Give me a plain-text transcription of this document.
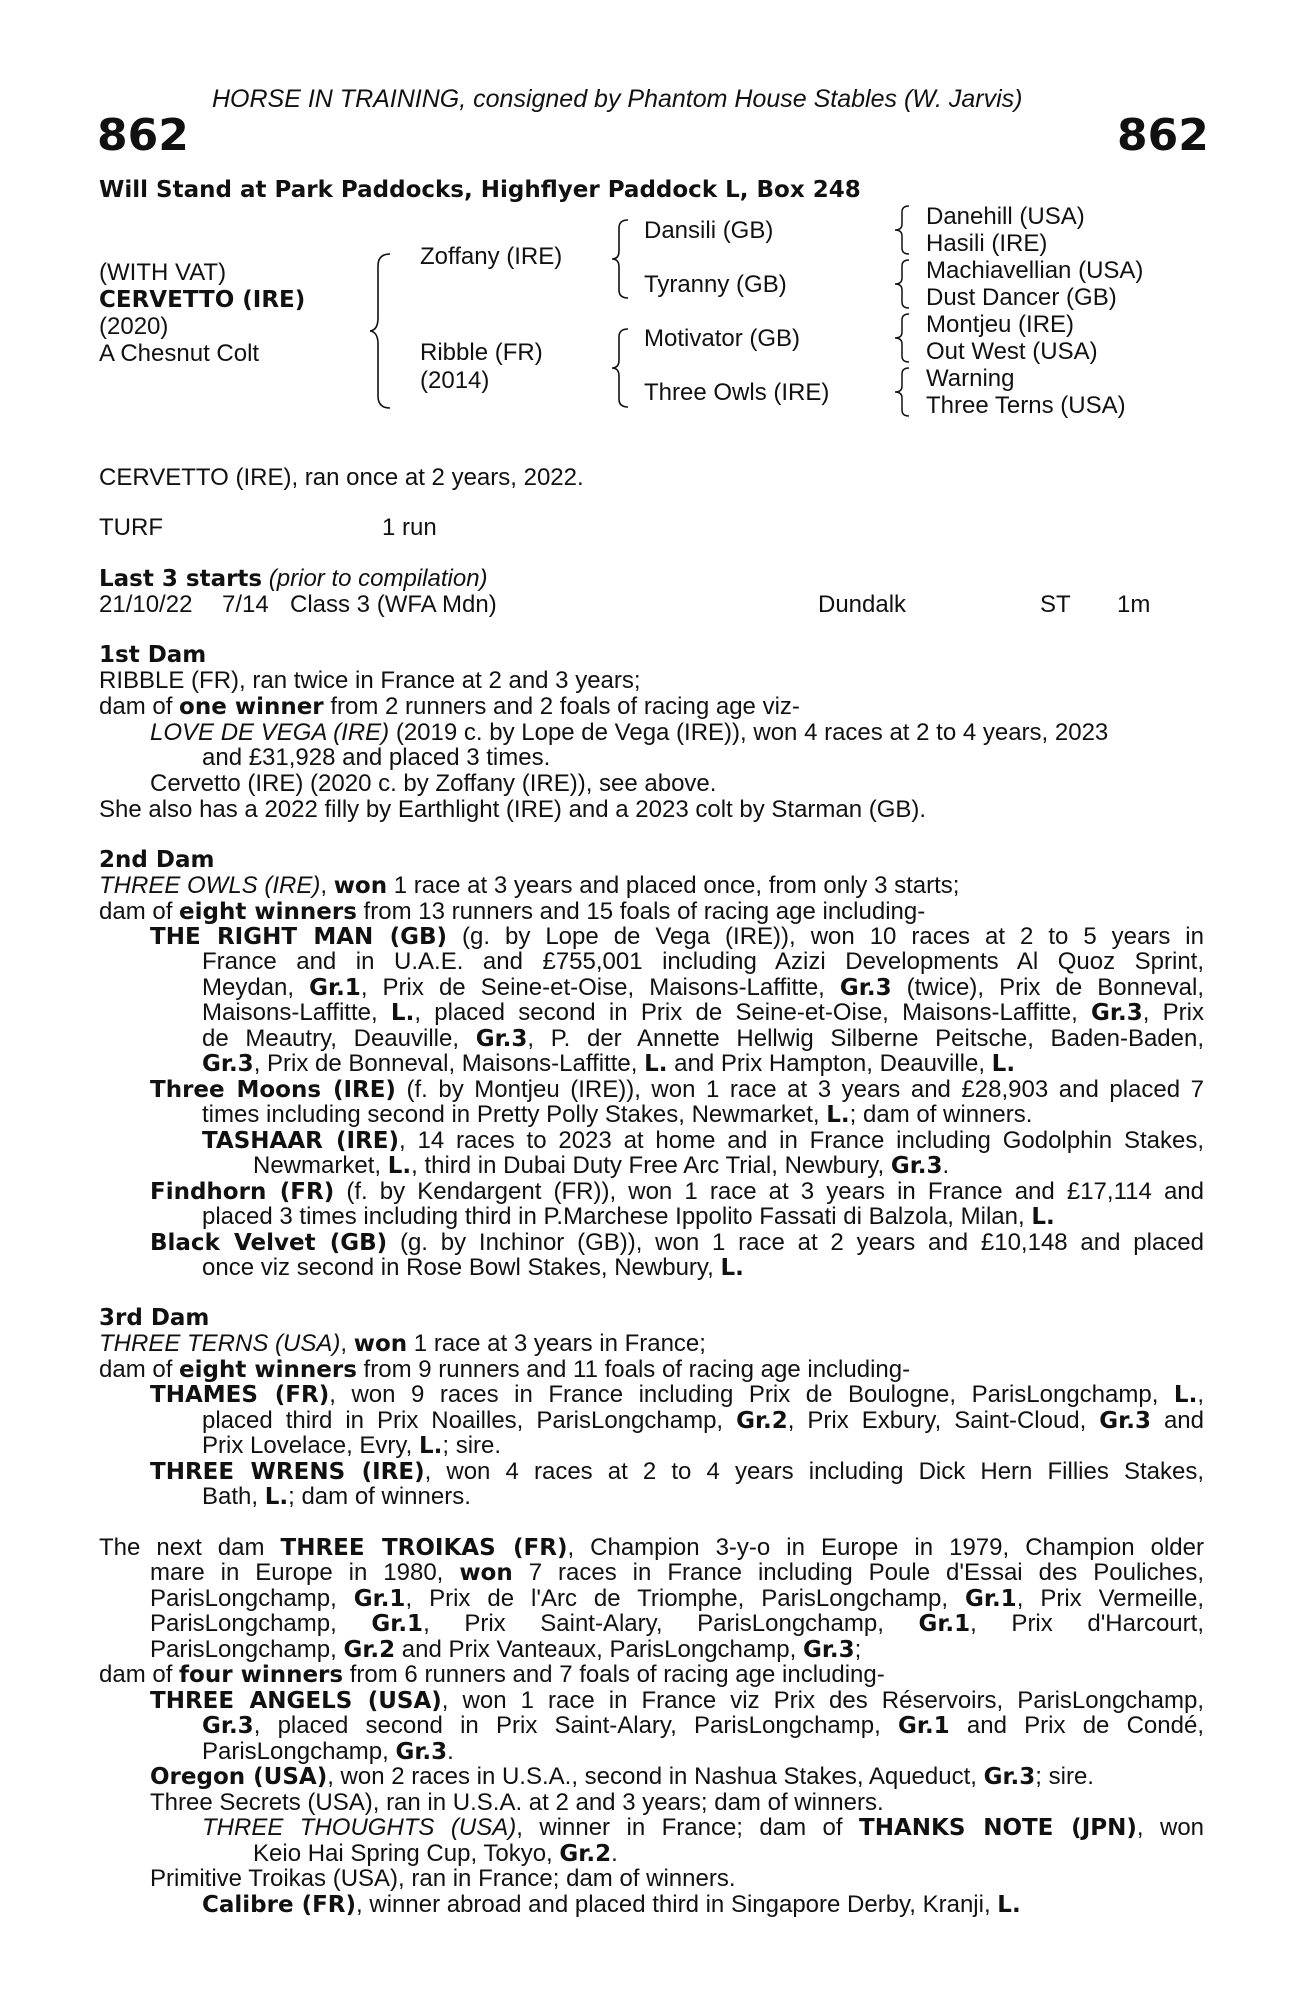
HORSE IN TRAINING, consigned by Phantom House Stables (W. Jarvis)
862	862
Will Stand at Park Paddocks, Highflyer Paddock L, Box 248
(WITH VAT)
CERVETTO (IRE)
(2020)
A Chesnut Colt
Zoffany (IRE)
Ribble (FR)
(2014)
Dansili (GB)
Tyranny (GB)
Motivator (GB)
Three Owls (IRE)
Danehill (USA)
Hasili (IRE)
Machiavellian (USA)
Dust Dancer (GB)
Montjeu (IRE)
Out West (USA)
Warning
Three Terns (USA)
CERVETTO (IRE), ran once at 2 years, 2022.
TURF	1 run
Last 3 starts (prior to compilation)
21/10/22 7/14 Class 3 (WFA Mdn)	Dundalk	ST 1m
1st Dam
RIBBLE (FR), ran twice in France at 2 and 3 years;
dam of one winner from 2 runners and 2 foals of racing age viz-
LOVE DE VEGA (IRE) (2019 c. by Lope de Vega (IRE)), won 4 races at 2 to 4 years, 2023
and £31,928 and placed 3 times.
Cervetto (IRE) (2020 c. by Zoffany (IRE)), see above.
She also has a 2022 filly by Earthlight (IRE) and a 2023 colt by Starman (GB).
2nd Dam
THREE OWLS (IRE), won 1 race at 3 years and placed once, from only 3 starts;
dam of eight winners from 13 runners and 15 foals of racing age including-
THE RIGHT MAN (GB) (g. by Lope de Vega (IRE)), won 10 races at 2 to 5 years in
France and in U.A.E. and £755,001 including Azizi Developments Al Quoz Sprint,
Meydan, Gr.1, Prix de Seine-et-Oise, Maisons-Laffitte, Gr.3 (twice), Prix de Bonneval,
Maisons-Laffitte, L., placed second in Prix de Seine-et-Oise, Maisons-Laffitte, Gr.3, Prix
de Meautry, Deauville, Gr.3, P. der Annette Hellwig Silberne Peitsche, Baden-Baden,
Gr.3, Prix de Bonneval, Maisons-Laffitte, L. and Prix Hampton, Deauville, L.
Three Moons (IRE) (f. by Montjeu (IRE)), won 1 race at 3 years and £28,903 and placed 7
times including second in Pretty Polly Stakes, Newmarket, L.; dam of winners.
TASHAAR (IRE), 14 races to 2023 at home and in France including Godolphin Stakes,
Newmarket, L., third in Dubai Duty Free Arc Trial, Newbury, Gr.3.
Findhorn (FR) (f. by Kendargent (FR)), won 1 race at 3 years in France and £17,114 and
placed 3 times including third in P.Marchese Ippolito Fassati di Balzola, Milan, L.
Black Velvet (GB) (g. by Inchinor (GB)), won 1 race at 2 years and £10,148 and placed
once viz second in Rose Bowl Stakes, Newbury, L.
3rd Dam
THREE TERNS (USA), won 1 race at 3 years in France;
dam of eight winners from 9 runners and 11 foals of racing age including-
THAMES (FR), won 9 races in France including Prix de Boulogne, ParisLongchamp, L.,
placed third in Prix Noailles, ParisLongchamp, Gr.2, Prix Exbury, Saint-Cloud, Gr.3 and
Prix Lovelace, Evry, L.; sire.
THREE WRENS (IRE), won 4 races at 2 to 4 years including Dick Hern Fillies Stakes,
Bath, L.; dam of winners.
The next dam THREE TROIKAS (FR), Champion 3-y-o in Europe in 1979, Champion older
mare in Europe in 1980, won 7 races in France including Poule d'Essai des Pouliches,
ParisLongchamp, Gr.1, Prix de l'Arc de Triomphe, ParisLongchamp, Gr.1, Prix Vermeille,
ParisLongchamp, Gr.1, Prix Saint-Alary, ParisLongchamp, Gr.1, Prix d'Harcourt,
ParisLongchamp, Gr.2 and Prix Vanteaux, ParisLongchamp, Gr.3;
dam of four winners from 6 runners and 7 foals of racing age including-
THREE ANGELS (USA), won 1 race in France viz Prix des Réservoirs, ParisLongchamp,
Gr.3, placed second in Prix Saint-Alary, ParisLongchamp, Gr.1 and Prix de Condé,
ParisLongchamp, Gr.3.
Oregon (USA), won 2 races in U.S.A., second in Nashua Stakes, Aqueduct, Gr.3; sire.
Three Secrets (USA), ran in U.S.A. at 2 and 3 years; dam of winners.
THREE THOUGHTS (USA), winner in France; dam of THANKS NOTE (JPN), won
Keio Hai Spring Cup, Tokyo, Gr.2.
Primitive Troikas (USA), ran in France; dam of winners.
Calibre (FR), winner abroad and placed third in Singapore Derby, Kranji, L.
